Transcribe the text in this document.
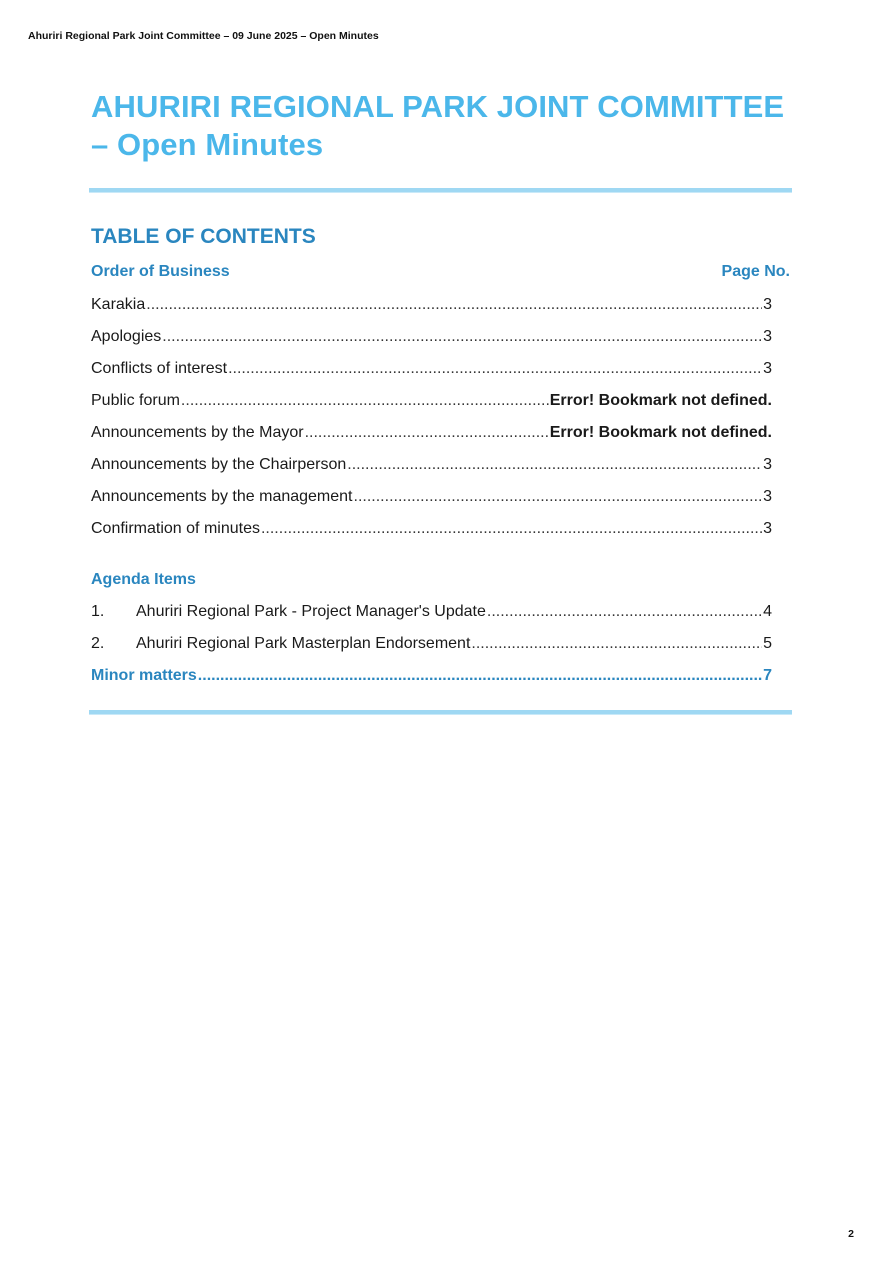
Ahuriri Regional Park Joint Committee – 09 June 2025 – Open Minutes
AHURIRI REGIONAL PARK JOINT COMMITTEE
– Open Minutes
TABLE OF CONTENTS
Order of Business	Page No.
Karakia .....	3
Apologies .....	3
Conflicts of interest .....	3
Public forum .....	Error! Bookmark not defined.
Announcements by the Mayor .....	Error! Bookmark not defined.
Announcements by the Chairperson .....	3
Announcements by the management .....	3
Confirmation of minutes .....	3
Agenda Items
1.	Ahuriri Regional Park - Project Manager's Update .....	4
2.	Ahuriri Regional Park Masterplan Endorsement .....	5
Minor matters .....	7
2
